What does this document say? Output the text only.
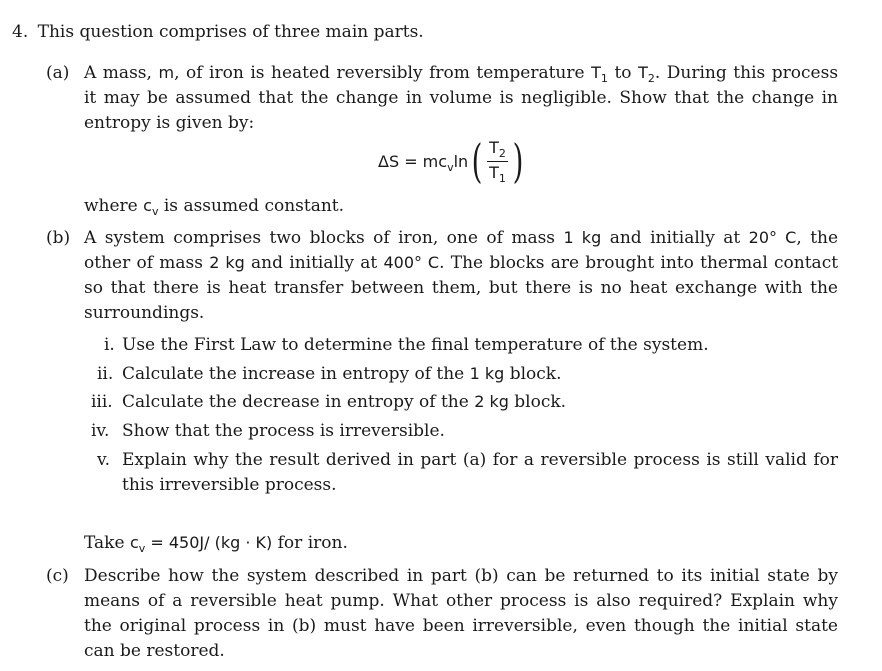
4. This question comprises of three main parts.
(a) A mass, m, of iron is heated reversibly from temperature $T_1$ to $T_2$. During this process
it may be assumed that the change in volume is negligible. Show that the change in
entropy is given by:
$\Delta S = mc_v\ln$ ( $\frac{T_2}{T_1}$ )
where $c_v$ is assumed constant.
(b) A system comprises two blocks of iron, one of mass 1 kg and initially at 20° C, the
other of mass 2 kg and initially at 400° C. The blocks are brought into thermal contact
so that there is heat transfer between them, but there is no heat exchange with the
surroundings.
i. Use the First Law to determine the final temperature of the system.
ii. Calculate the increase in entropy of the 1 kg block.
iii. Calculate the decrease in entropy of the 2 kg block.
iv. Show that the process is irreversible.
v. Explain why the result derived in part (a) for a reversible process is still valid for
this irreversible process.
Take $c_v = 450J/$ (kg · K) for iron.
(c) Describe how the system described in part (b) can be returned to its initial state by
means of a reversible heat pump. What other process is also required? Explain why
the original process in (b) must have been irreversible, even though the initial state
can be restored.
